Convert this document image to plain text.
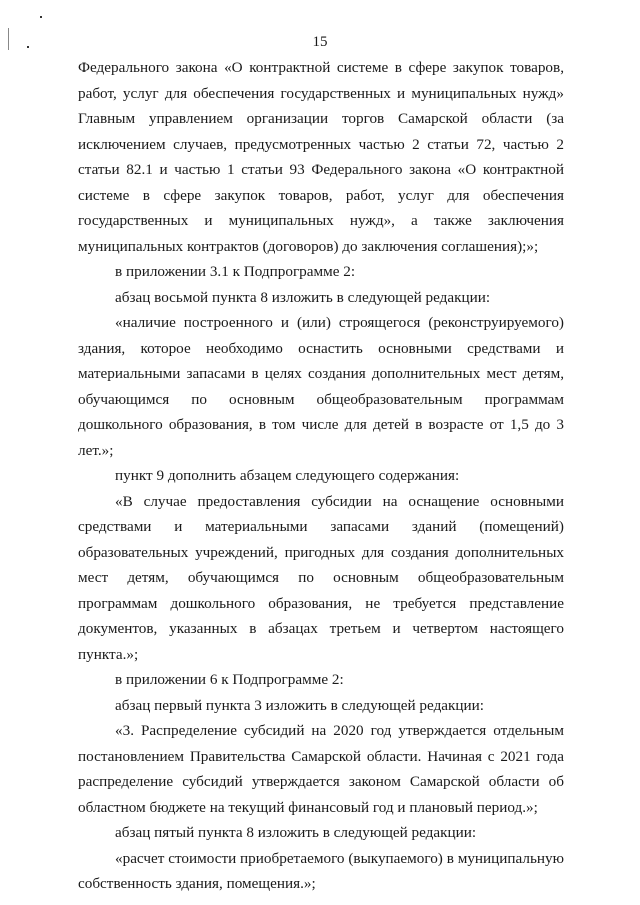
15

Федерального закона «О контрактной системе в сфере закупок товаров, работ, услуг для обеспечения государственных и муниципальных нужд» Главным управлением организации торгов Самарской области (за исключением случаев, предусмотренных частью 2 статьи 72, частью 2 статьи 82.1 и частью 1 статьи 93 Федерального закона «О контрактной системе в сфере закупок товаров, работ, услуг для обеспечения государственных и муниципальных нужд», а также заключения муниципальных контрактов (договоров) до заключения соглашения);»;

в приложении 3.1 к Подпрограмме 2:

абзац восьмой пункта 8 изложить в следующей редакции:

«наличие построенного и (или) строящегося (реконструируемого) здания, которое необходимо оснастить основными средствами и материальными запасами в целях создания дополнительных мест детям, обучающимся по основным общеобразовательным программам дошкольного образования, в том числе для детей в возрасте от 1,5 до 3 лет.»;

пункт 9 дополнить абзацем следующего содержания:

«В случае предоставления субсидии на оснащение основными средствами и материальными запасами зданий (помещений) образовательных учреждений, пригодных для создания дополнительных мест детям, обучающимся по основным общеобразовательным программам дошкольного образования, не требуется представление документов, указанных в абзацах третьем и четвертом настоящего пункта.»;

в приложении 6 к Подпрограмме 2:

абзац первый пункта 3 изложить в следующей редакции:

«3. Распределение субсидий на 2020 год утверждается отдельным постановлением Правительства Самарской области. Начиная с 2021 года распределение субсидий утверждается законом Самарской области об областном бюджете на текущий финансовый год и плановый период.»;

абзац пятый пункта 8 изложить в следующей редакции:

«расчет стоимости приобретаемого (выкупаемого) в муниципальную собственность здания, помещения.»;
